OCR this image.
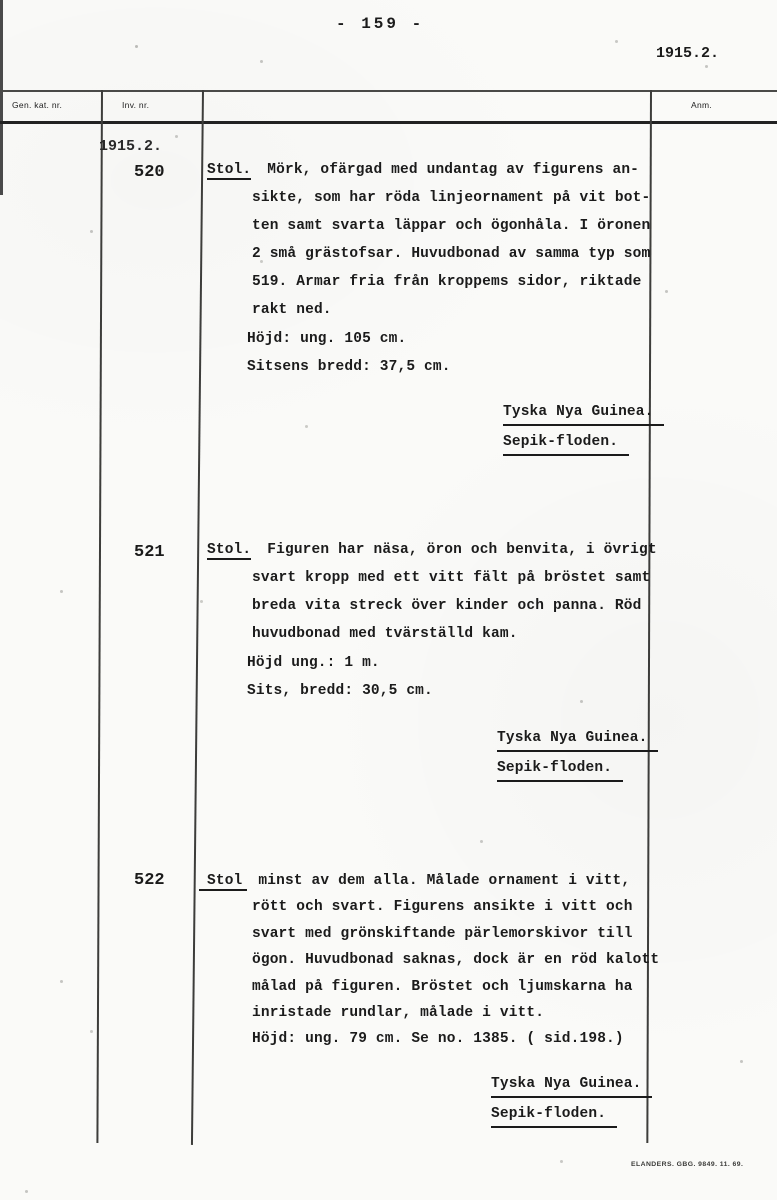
- 159 -
1915.2.
Gen. kat. nr.	Inv. nr.	Anm.
1915.2.
520	Stol. Mörk, ofärgad med undantag av figurens an-
sikte, som har röda linjeornament på vit bot-
ten samt svarta läppar och ögonhåla. I öronen
2 små grästofsar. Huvudbonad av samma typ som
519. Armar fria från kroppems sidor, riktade
rakt ned.
Höjd: ung. 105 cm.
Sitsens bredd: 37,5 cm.
Tyska Nya Guinea.
Sepik-floden.
521	Stol. Figuren har näsa, öron och benvita, i övrigt
svart kropp med ett vitt fält på bröstet samt
breda vita streck över kinder och panna. Röd
huvudbonad med tvärställd kam.
Höjd ung.: 1 m.
Sits, bredd: 30,5 cm.
Tyska Nya Guinea.
Sepik-floden.
522	Stol minst av dem alla. Målade ornament i vitt,
rött och svart. Figurens ansikte i vitt och
svart med grönskiftande pärlemorskivor till
ögon. Huvudbonad saknas, dock är en röd kalott
målad på figuren. Bröstet och ljumskarna ha
inristade rundlar, målade i vitt.
Höjd: ung. 79 cm. Se no. 1385. ( sid.198.)
Tyska Nya Guinea.
Sepik-floden.
ELANDERS. GBG. 9849. 11. 69.
